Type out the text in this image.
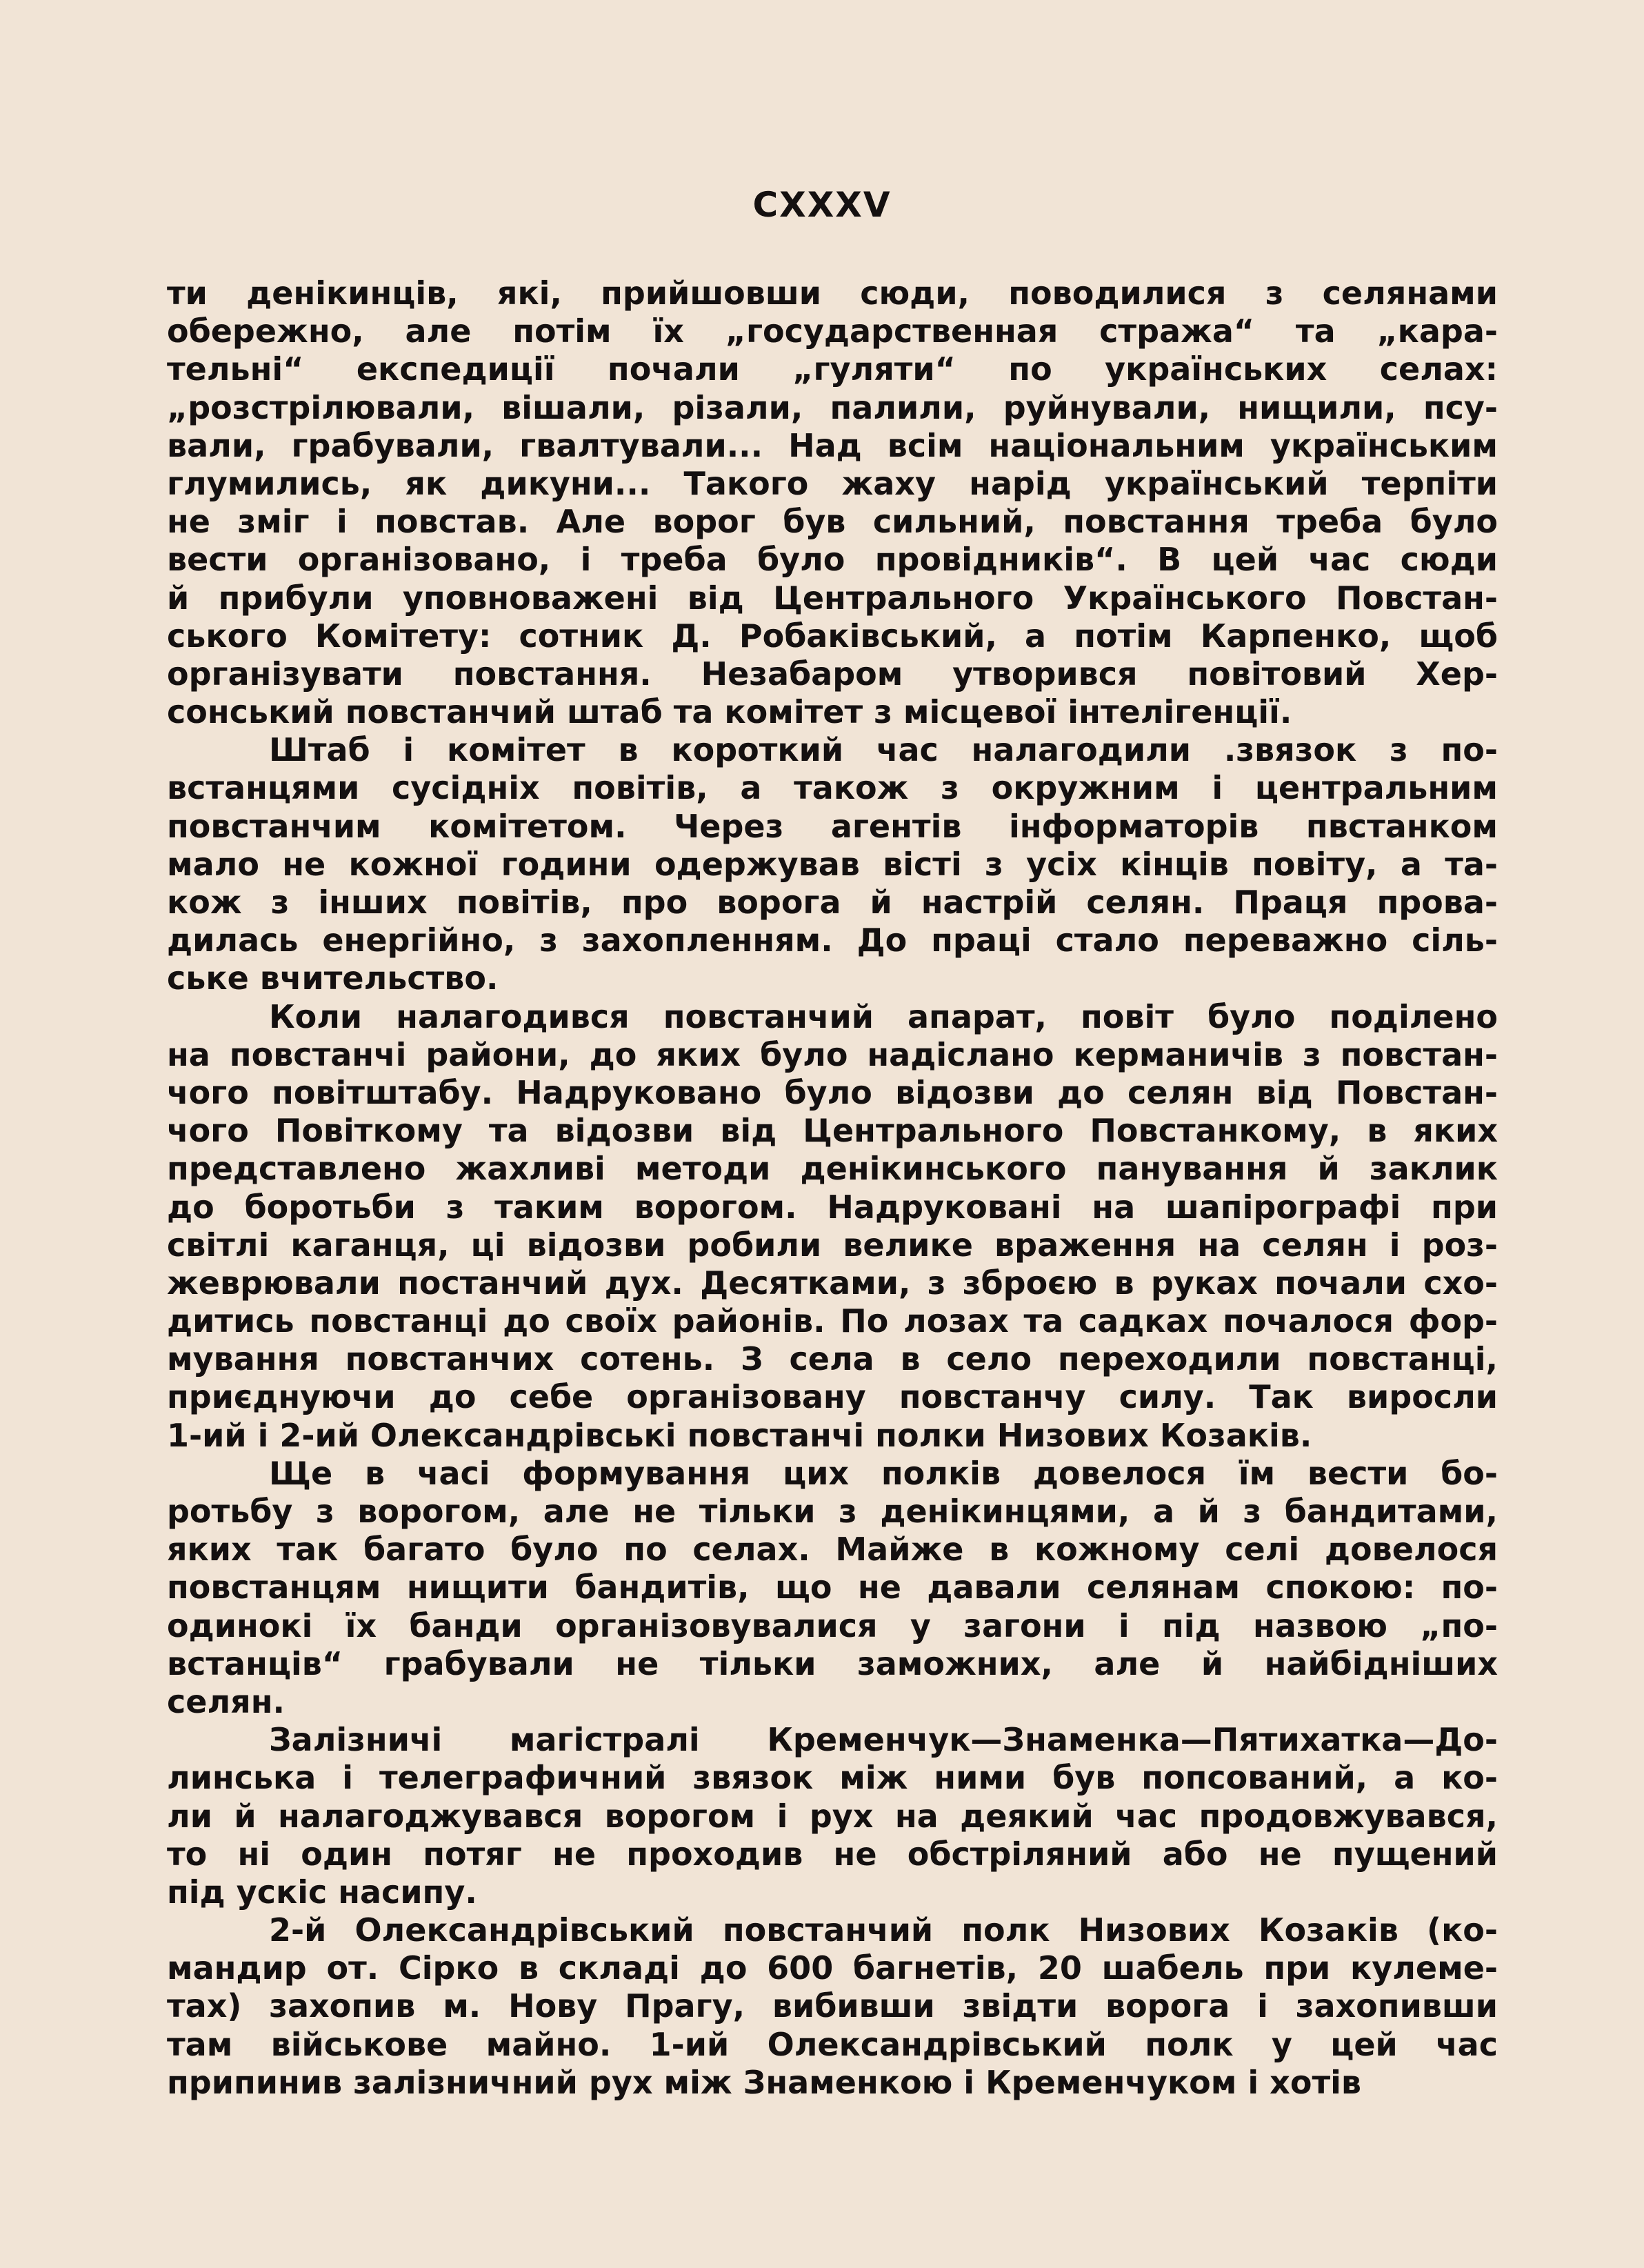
CXXXV
ти денікинців, які, прийшовши сюди, поводилися з селянами
обережно, але потім їх „государственная стража“ та „кара-
тельні“ експедиції почали „гуляти“ по українських селах:
„розстрілювали, вішали, різали, палили, руйнували, нищили, псу-
вали, грабували, гвалтували... Над всім національним українським
глумились, як дикуни... Такого жаху нарід український терпіти
не зміг і повстав. Але ворог був сильний, повстання треба було
вести організовано, і треба було провідників“. В цей час сюди
й прибули уповноважені від Центрального Українського Повстан-
ського Комітету: сотник Д. Робаківський, а потім Карпенко, щоб
організувати повстання. Незабаром утворився повітовий Хер-
сонський повстанчий штаб та комітет з місцевої інтелігенції.
Штаб і комітет в короткий час налагодили .звязок з по-
встанцями сусідніх повітів, а також з окружним і центральним
повстанчим комітетом. Через агентів інформаторів пвстанком
мало не кожної години одержував вісті з усіх кінців повіту, а та-
кож з інших повітів, про ворога й настрій селян. Праця прова-
дилась енергійно, з захопленням. До праці стало переважно сіль-
ське вчительство.
Коли налагодився повстанчий апарат, повіт було поділено
на повстанчі райони, до яких було надіслано керманичів з повстан-
чого повітштабу. Надруковано було відозви до селян від Повстан-
чого Повіткому та відозви від Центрального Повстанкому, в яких
представлено жахливі методи денікинського панування й заклик
до боротьби з таким ворогом. Надруковані на шапірографі при
світлі каганця, ці відозви робили велике враження на селян і роз-
жеврювали постанчий дух. Десятками, з зброєю в руках почали схо-
дитись повстанці до своїх районів. По лозах та садках почалося фор-
мування повстанчих сотень. З села в село переходили повстанці,
приєднуючи до себе організовану повстанчу силу. Так виросли
1-ий і 2-ий Олександрівські повстанчі полки Низових Козаків.
Ще в часі формування цих полків довелося їм вести бо-
ротьбу з ворогом, але не тільки з денікинцями, а й з бандитами,
яких так багато було по селах. Майже в кожному селі довелося
повстанцям нищити бандитів, що не давали селянам спокою: по-
одинокі їх банди організовувалися у загони і під назвою „по-
встанців“ грабували не тільки заможних, але й найбідніших
селян.
Залізничі магістралі Кременчук—Знаменка—Пятихатка—До-
линська і телеграфичний звязок між ними був попсований, а ко-
ли й налагоджувався ворогом і рух на деякий час продовжувався,
то ні один потяг не проходив не обстріляний або не пущений
під ускіс насипу.
2-й Олександрівський повстанчий полк Низових Козаків (ко-
мандир от. Сірко в складі до 600 багнетів, 20 шабель при кулеме-
тах) захопив м. Нову Прагу, вибивши звідти ворога і захопивши
там військове майно. 1-ий Олександрівський полк у цей час
припинив залізничний рух між Знаменкою і Кременчуком і хотів
